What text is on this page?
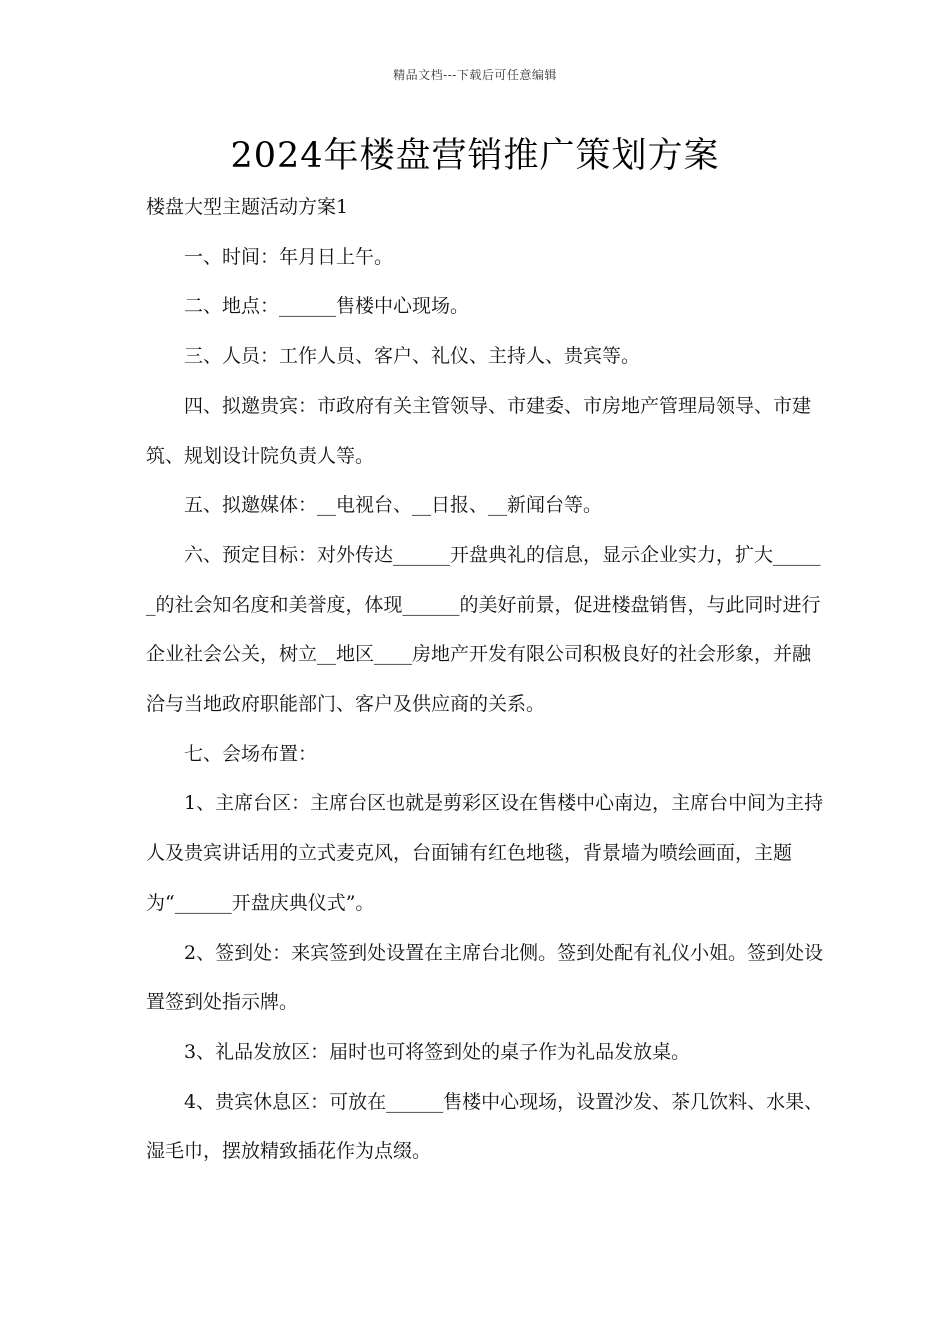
精品文档---下载后可任意编辑
2024年楼盘营销推广策划方案

楼盘大型主题活动方案1

一、时间：年月日上午。

二、地点：______售楼中心现场。

三、人员：工作人员、客户、礼仪、主持人、贵宾等。

四、拟邀贵宾：市政府有关主管领导、市建委、市房地产管理局领导、市建筑、规划设计院负责人等。

五、拟邀媒体：__电视台、__日报、__新闻台等。

六、预定目标：对外传达______开盘典礼的信息，显示企业实力，扩大______的社会知名度和美誉度，体现______的美好前景，促进楼盘销售，与此同时进行企业社会公关，树立__地区____房地产开发有限公司积极良好的社会形象，并融洽与当地政府职能部门、客户及供应商的关系。

七、会场布置：

1、主席台区：主席台区也就是剪彩区设在售楼中心南边，主席台中间为主持人及贵宾讲话用的立式麦克风，台面铺有红色地毯，背景墙为喷绘画面，主题为“______开盘庆典仪式”。

2、签到处：来宾签到处设置在主席台北侧。签到处配有礼仪小姐。签到处设置签到处指示牌。

3、礼品发放区：届时也可将签到处的桌子作为礼品发放桌。

4、贵宾休息区：可放在______售楼中心现场，设置沙发、茶几饮料、水果、湿毛巾，摆放精致插花作为点缀。
